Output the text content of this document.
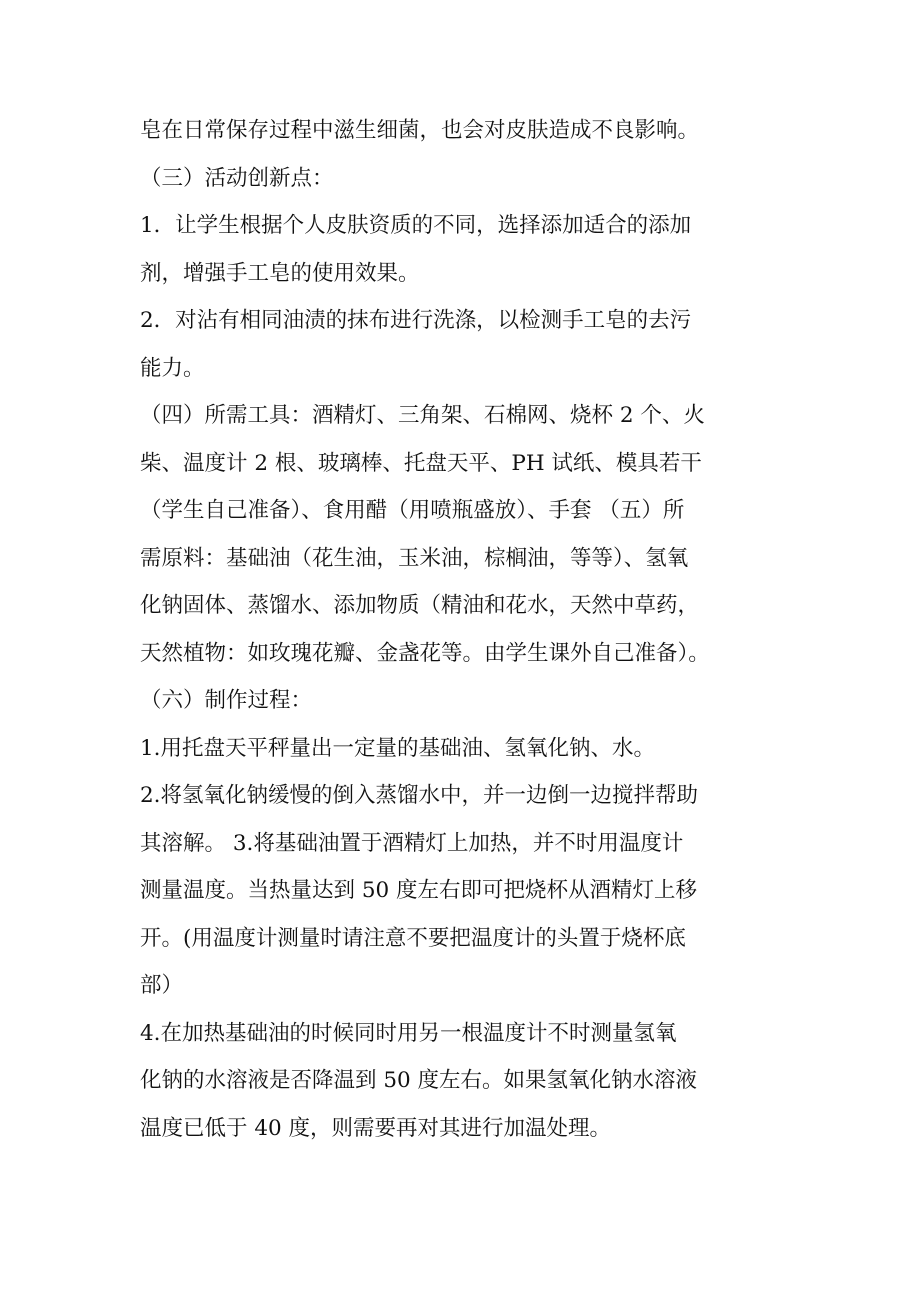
皂在日常保存过程中滋生细菌，也会对皮肤造成不良影响。
（三）活动创新点：
1．让学生根据个人皮肤资质的不同，选择添加适合的添加
剂，增强手工皂的使用效果。
2．对沾有相同油渍的抹布进行洗涤，以检测手工皂的去污
能力。
（四）所需工具：酒精灯、三角架、石棉网、烧杯 2 个、火
柴、温度计 2 根、玻璃棒、托盘天平、PH 试纸、模具若干
（学生自己准备）、食用醋（用喷瓶盛放）、手套 （五）所
需原料：基础油（花生油，玉米油，棕榈油，等等）、氢氧
化钠固体、蒸馏水、添加物质（精油和花水，天然中草药，
天然植物：如玫瑰花瓣、金盏花等。由学生课外自己准备）。
（六）制作过程：
1.用托盘天平秤量出一定量的基础油、氢氧化钠、水。
2.将氢氧化钠缓慢的倒入蒸馏水中，并一边倒一边搅拌帮助
其溶解。 3.将基础油置于酒精灯上加热，并不时用温度计
测量温度。当热量达到 50 度左右即可把烧杯从酒精灯上移
开。(用温度计测量时请注意不要把温度计的头置于烧杯底
部）
4.在加热基础油的时候同时用另一根温度计不时测量氢氧
化钠的水溶液是否降温到 50 度左右。如果氢氧化钠水溶液
温度已低于 40 度，则需要再对其进行加温处理。
